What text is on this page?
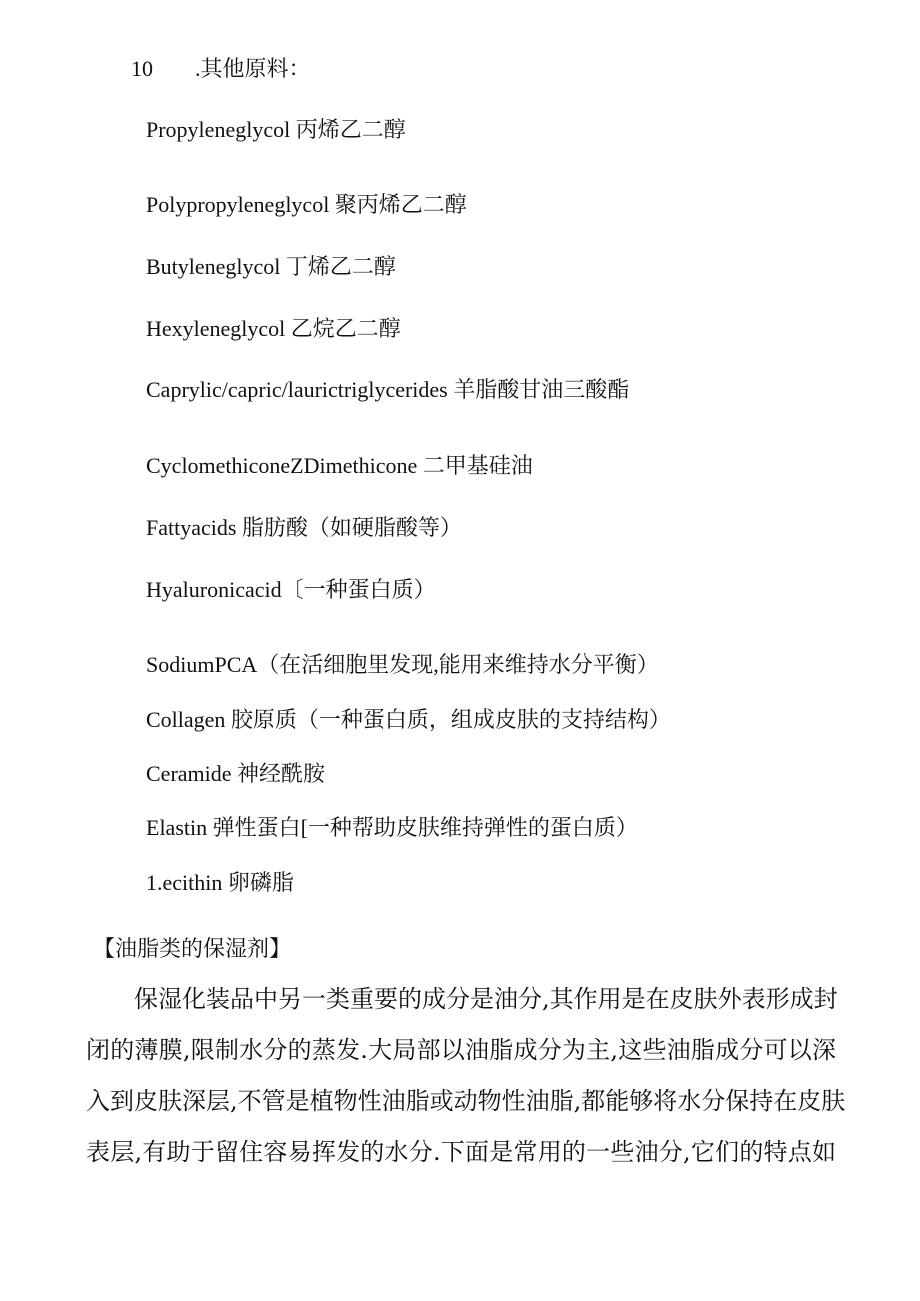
10 .其他原料：
Propyleneglycol 丙烯乙二醇
Polypropyleneglycol 聚丙烯乙二醇
Butyleneglycol 丁烯乙二醇
Hexyleneglycol 乙烷乙二醇
Caprylic/capric/laurictriglycerides 羊脂酸甘油三酸酯
CyclomethiconeZDimethicone 二甲基硅油
Fattyacids 脂肪酸（如硬脂酸等）
Hyaluronicacid〔一种蛋白质）
SodiumPCA（在活细胞里发现,能用来维持水分平衡）
Collagen 胶原质（一种蛋白质，组成皮肤的支持结构）
Ceramide 神经酰胺
Elastin 弹性蛋白[一种帮助皮肤维持弹性的蛋白质）
1.ecithin 卵磷脂
【油脂类的保湿剂】
保湿化装品中另一类重要的成分是油分,其作用是在皮肤外表形成封
闭的薄膜,限制水分的蒸发.大局部以油脂成分为主,这些油脂成分可以深
入到皮肤深层,不管是植物性油脂或动物性油脂,都能够将水分保持在皮肤
表层,有助于留住容易挥发的水分.下面是常用的一些油分,它们的特点如
